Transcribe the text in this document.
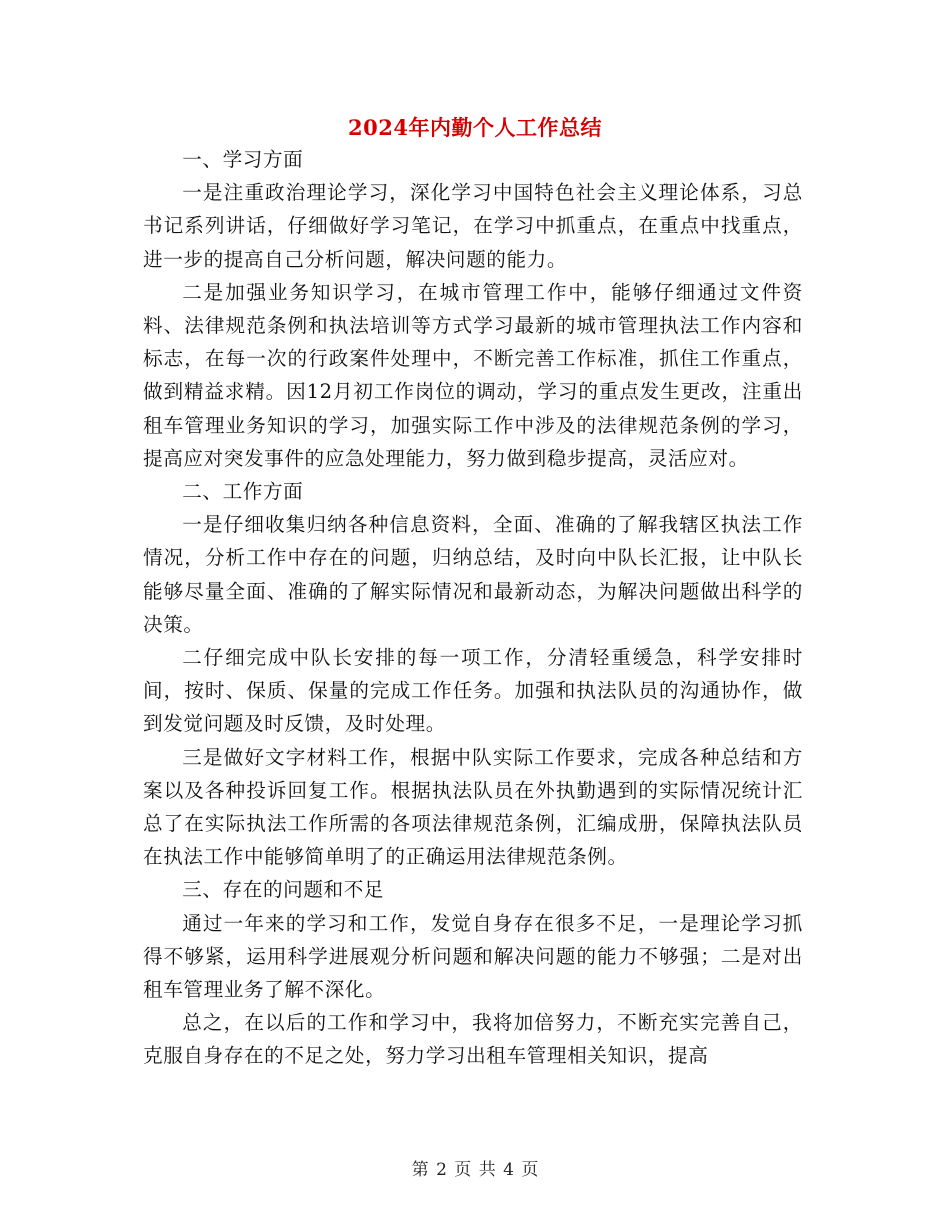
2024年内勤个人工作总结

一、学习方面

一是注重政治理论学习，深化学习中国特色社会主义理论体系，习总书记系列讲话，仔细做好学习笔记，在学习中抓重点，在重点中找重点，进一步的提高自己分析问题，解决问题的能力。

二是加强业务知识学习，在城市管理工作中，能够仔细通过文件资料、法律规范条例和执法培训等方式学习最新的城市管理执法工作内容和标志，在每一次的行政案件处理中，不断完善工作标准，抓住工作重点，做到精益求精。因12月初工作岗位的调动，学习的重点发生更改，注重出租车管理业务知识的学习，加强实际工作中涉及的法律规范条例的学习，提高应对突发事件的应急处理能力，努力做到稳步提高，灵活应对。

二、工作方面

一是仔细收集归纳各种信息资料，全面、准确的了解我辖区执法工作情况，分析工作中存在的问题，归纳总结，及时向中队长汇报，让中队长能够尽量全面、准确的了解实际情况和最新动态，为解决问题做出科学的决策。

二仔细完成中队长安排的每一项工作，分清轻重缓急，科学安排时间，按时、保质、保量的完成工作任务。加强和执法队员的沟通协作，做到发觉问题及时反馈，及时处理。

三是做好文字材料工作，根据中队实际工作要求，完成各种总结和方案以及各种投诉回复工作。根据执法队员在外执勤遇到的实际情况统计汇总了在实际执法工作所需的各项法律规范条例，汇编成册，保障执法队员在执法工作中能够简单明了的正确运用法律规范条例。

三、存在的问题和不足

通过一年来的学习和工作，发觉自身存在很多不足，一是理论学习抓得不够紧，运用科学进展观分析问题和解决问题的能力不够强；二是对出租车管理业务了解不深化。

总之，在以后的工作和学习中，我将加倍努力，不断充实完善自己，克服自身存在的不足之处，努力学习出租车管理相关知识，提高

第 2 页 共 4 页
